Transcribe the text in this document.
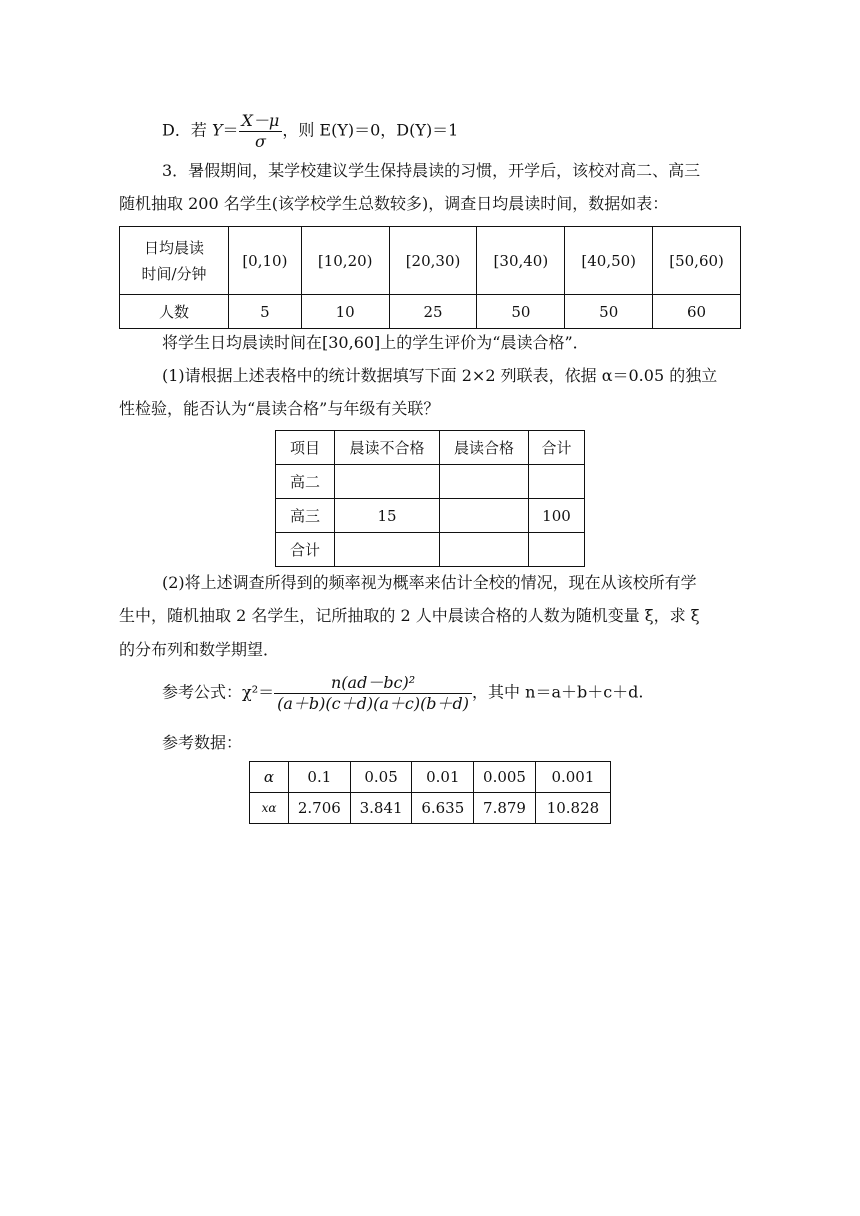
D．若 $Y= \frac{X-\mu}{\sigma}$ ，则 E(Y)＝0，D(Y)＝1
3．暑假期间，某学校建议学生保持晨读的习惯，开学后，该校对高二、高三
随机抽取 200 名学生(该学校学生总数较多)，调查日均晨读时间，数据如表：
日均晨读
时间/分钟	[0,10)	[10,20)	[20,30)	[30,40)	[40,50)	[50,60)
人数	5	10	25	50	50	60
将学生日均晨读时间在[30,60]上的学生评价为“晨读合格”．
(1)请根据上述表格中的统计数据填写下面 2×2 列联表，依据 α＝0.05 的独立
性检验，能否认为“晨读合格”与年级有关联？
项目	晨读不合格	晨读合格	合计
高二			
高三	15		100
合计			
(2)将上述调查所得到的频率视为概率来估计全校的情况，现在从该校所有学
生中，随机抽取 2 名学生，记所抽取的 2 人中晨读合格的人数为随机变量 ξ，求 ξ
的分布列和数学期望．
参考公式：$\chi^2= \frac{\text{n(ad－bc)²}}{(a+b)(c+d)(a+c)(b+d)}$ ，其中 n＝a＋b＋c＋d.
参考数据：
α	0.1	0.05	0.01	0.005	0.001
xα	2.706	3.841	6.635	7.879	10.828
